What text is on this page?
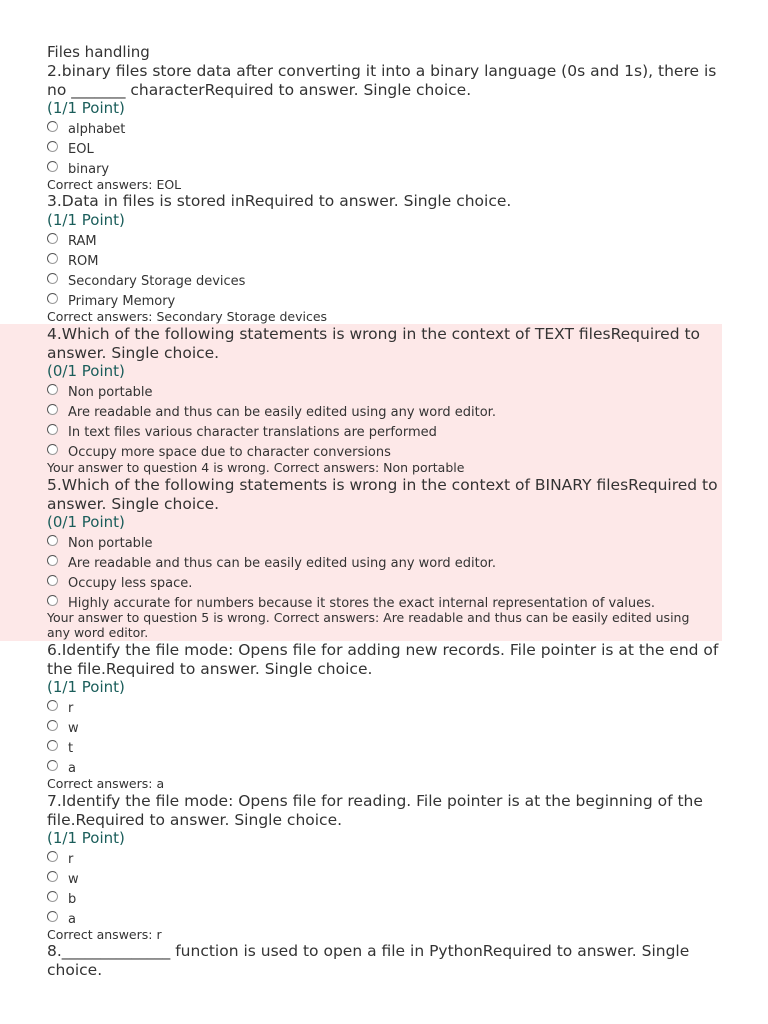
Files handling
2.binary files store data after converting it into a binary language (0s and 1s), there is no _______ characterRequired to answer. Single choice.
(1/1 Point)
alphabet
EOL
binary
Correct answers: EOL
3.Data in files is stored inRequired to answer. Single choice.
(1/1 Point)
RAM
ROM
Secondary Storage devices
Primary Memory
Correct answers: Secondary Storage devices
4.Which of the following statements is wrong in the context of TEXT filesRequired to answer. Single choice.
(0/1 Point)
Non portable
Are readable and thus can be easily edited using any word editor.
In text files various character translations are performed
Occupy more space due to character conversions
Your answer to question 4 is wrong. Correct answers: Non portable
5.Which of the following statements is wrong in the context of BINARY filesRequired to answer. Single choice.
(0/1 Point)
Non portable
Are readable and thus can be easily edited using any word editor.
Occupy less space.
Highly accurate for numbers because it stores the exact internal representation of values.
Your answer to question 5 is wrong. Correct answers: Are readable and thus can be easily edited using any word editor.
6.Identify the file mode: Opens file for adding new records. File pointer is at the end of the file.Required to answer. Single choice.
(1/1 Point)
r
w
t
a
Correct answers: a
7.Identify the file mode: Opens file for reading. File pointer is at the beginning of the file.Required to answer. Single choice.
(1/1 Point)
r
w
b
a
Correct answers: r
8.______________ function is used to open a file in PythonRequired to answer. Single choice.
